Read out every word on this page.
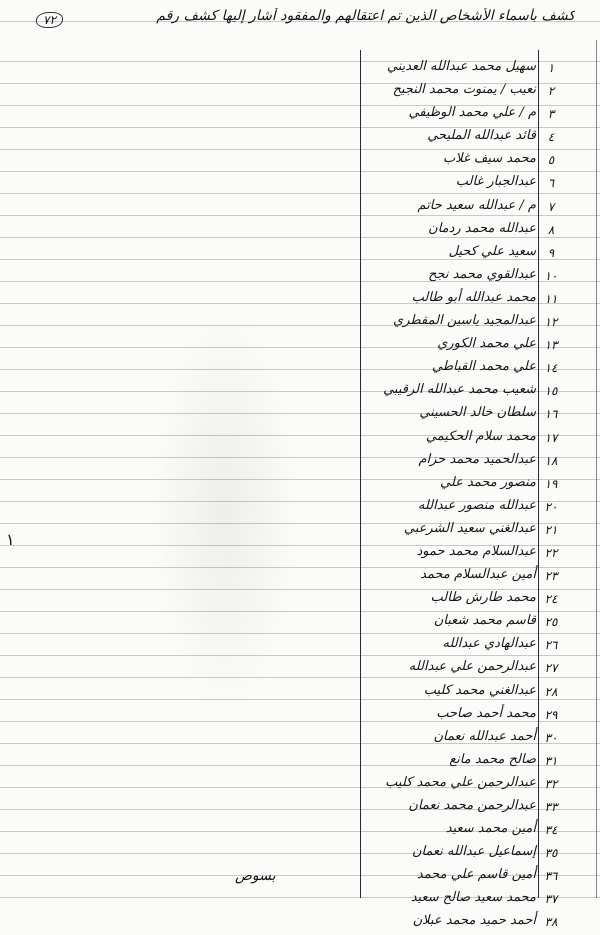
كشف بأسماء الأشخاص الذين تم اعتقالهم والمفقود أشار إليها كشف رقم
٧٢
١
سهيل محمد عبدالله العديني ١
نعيب / يمنوت محمد النجيح ٢
م / علي محمد الوظيفي ٣
قائد عبدالله المليحي ٤
محمد سيف غلاب ٥
عبدالجبار غالب ٦
م / عبدالله سعيد حاتم ٧
عبدالله محمد ردمان ٨
سعيد علي كحيل ٩
عبدالقوي محمد نجح ١٠
محمد عبدالله أبو طالب ١١
عبدالمجيد ياسين المقطري ١٢
علي محمد الكوري ١٣
علي محمد القباطي ١٤
شعيب محمد عبدالله الرقيبي ١٥
سلطان خالد الحسيني ١٦
محمد سلام الحكيمي ١٧
عبدالحميد محمد حزام ١٨
منصور محمد علي ١٩
عبدالله منصور عبدالله ٢٠
عبدالغني سعيد الشرعبي ٢١
عبدالسلام محمد حمود ٢٢
أمين عبدالسلام محمد ٢٣
محمد طارش طالب ٢٤
قاسم محمد شعبان ٢٥
عبدالهادي عبدالله ٢٦
عبدالرحمن علي عبدالله ٢٧
عبدالغني محمد كليب ٢٨
محمد أحمد صاحب ٢٩
أحمد عبدالله نعمان ٣٠
صالح محمد مانع ٣١
عبدالرحمن علي محمد كليب ٣٢
عبدالرحمن محمد نعمان ٣٣
أمين محمد سعيد ٣٤
إسماعيل عبدالله نعمان ٣٥
أمين قاسم علي محمد ٣٦
محمد سعيد صالح سعيد ٣٧
أحمد حميد محمد عبلان ٣٨
بسوص
